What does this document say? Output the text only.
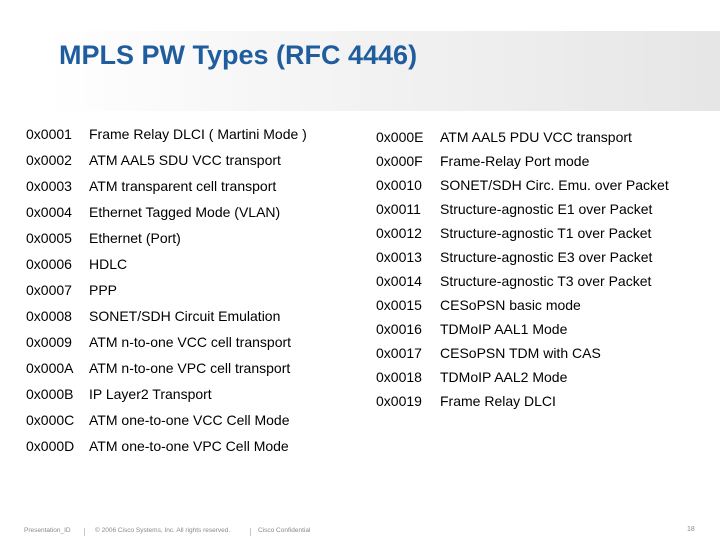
MPLS PW Types (RFC 4446)
0x0001 Frame Relay DLCI ( Martini Mode )
0x0002 ATM AAL5 SDU VCC transport
0x0003 ATM transparent cell transport
0x0004 Ethernet Tagged Mode (VLAN)
0x0005 Ethernet (Port)
0x0006 HDLC
0x0007 PPP
0x0008 SONET/SDH Circuit Emulation
0x0009 ATM n-to-one VCC cell transport
0x000A ATM n-to-one VPC cell transport
0x000B IP Layer2 Transport
0x000C ATM one-to-one VCC Cell Mode
0x000D ATM one-to-one VPC Cell Mode
0x000E ATM AAL5 PDU VCC transport
0x000F Frame-Relay Port mode
0x0010 SONET/SDH Circ. Emu. over Packet
0x0011 Structure-agnostic E1 over Packet
0x0012 Structure-agnostic T1 over Packet
0x0013 Structure-agnostic E3 over Packet
0x0014 Structure-agnostic T3 over Packet
0x0015 CESoPSN basic mode
0x0016 TDMoIP AAL1 Mode
0x0017 CESoPSN TDM with CAS
0x0018 TDMoIP AAL2 Mode
0x0019 Frame Relay DLCI
Presentation_ID	© 2006 Cisco Systems, Inc. All rights reserved.	Cisco Confidential	18
